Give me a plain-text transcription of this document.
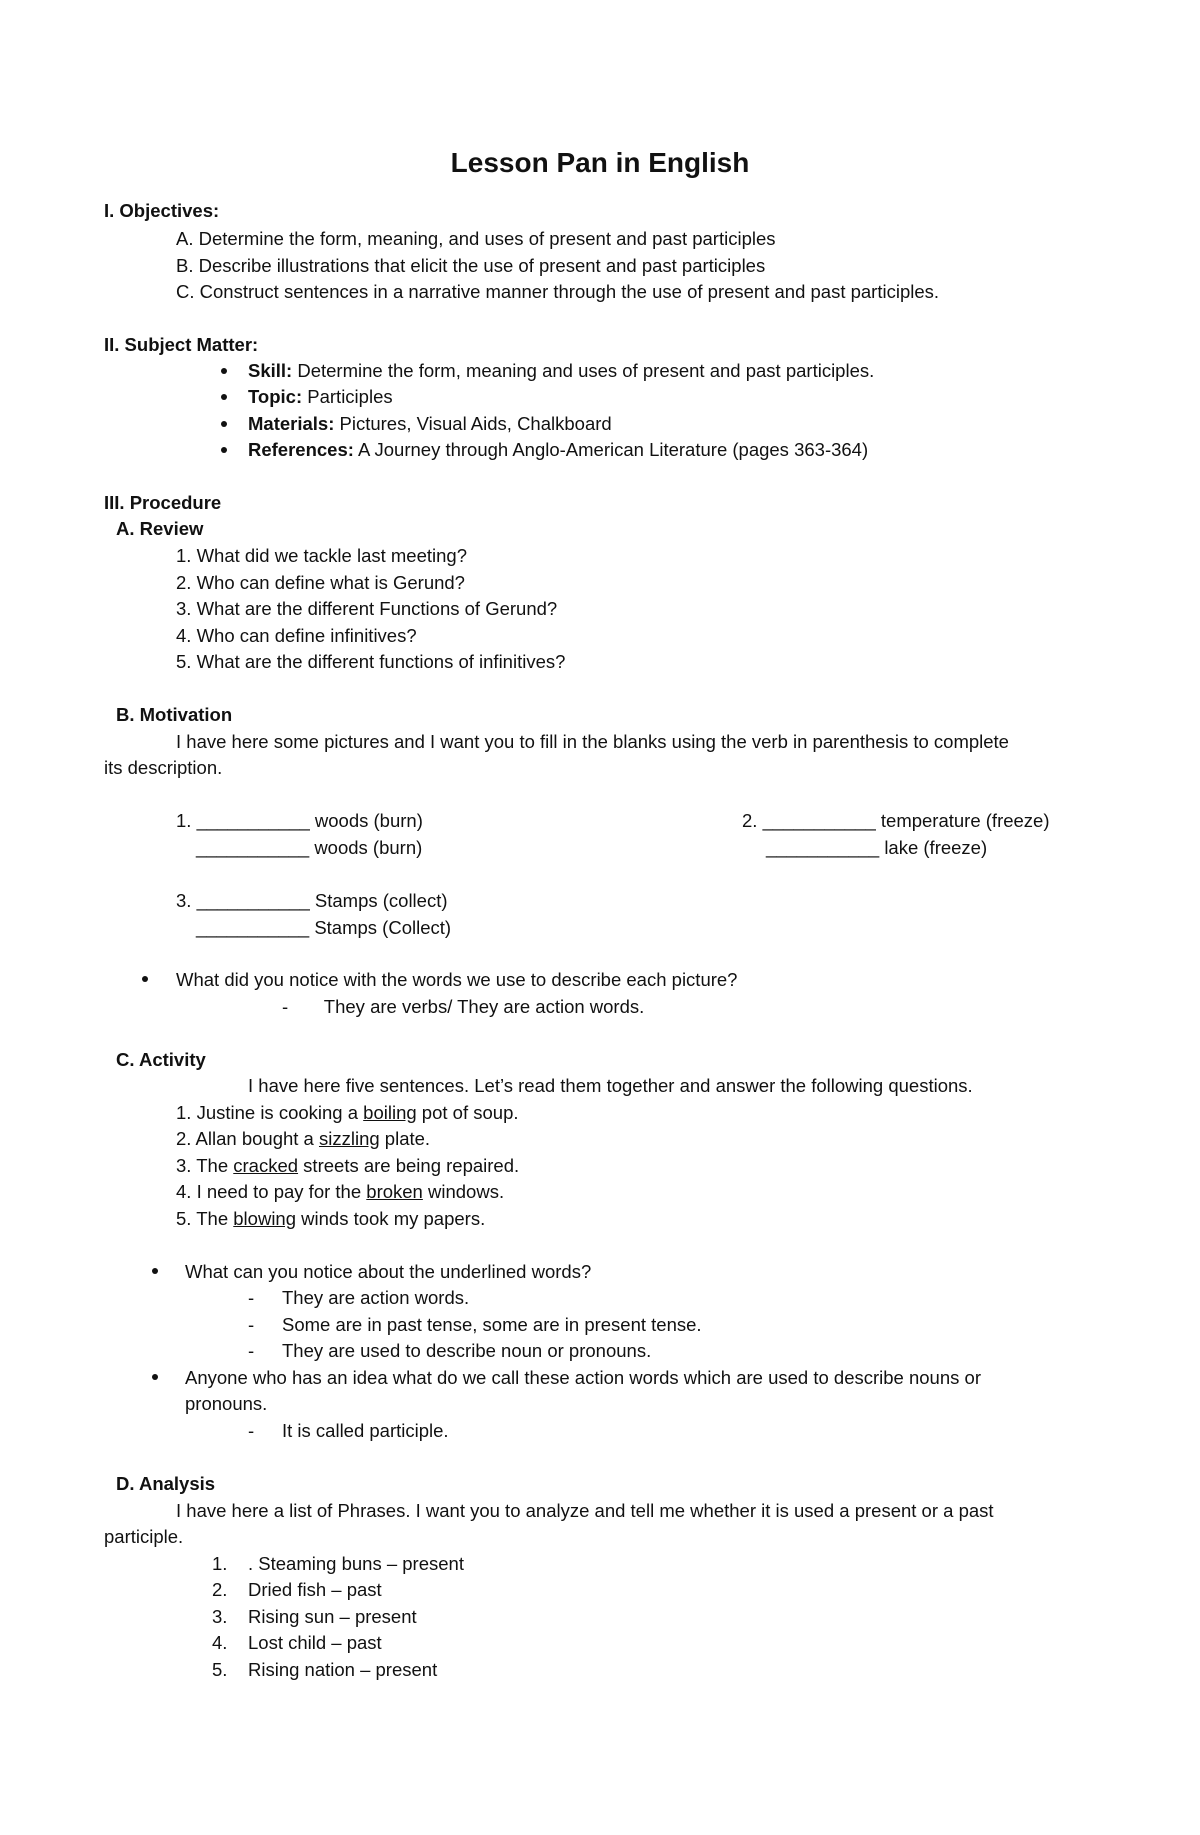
Lesson Pan in English
I. Objectives:
A. Determine the form, meaning, and uses of present and past participles
B. Describe illustrations that elicit the use of present and past participles
C. Construct sentences in a narrative manner through the use of present and past participles.
II. Subject Matter:
Skill: Determine the form, meaning and uses of present and past participles.
Topic: Participles
Materials: Pictures, Visual Aids, Chalkboard
References: A Journey through Anglo-American Literature (pages 363-364)
III. Procedure
A. Review
1. What did we tackle last meeting?
2. Who can define what is Gerund?
3. What are the different Functions of Gerund?
4. Who can define infinitives?
5. What are the different functions of infinitives?
B. Motivation
I have here some pictures and I want you to fill in the blanks using the verb in parenthesis to complete
its description.
1. ___________ woods (burn)
___________ woods (burn)
2. ___________ temperature (freeze)
___________ lake (freeze)
3. ___________ Stamps (collect)
___________ Stamps (Collect)
What did you notice with the words we use to describe each picture?
-       They are verbs/ They are action words.
C. Activity
I have here five sentences. Let’s read them together and answer the following questions.
1. Justine is cooking a boiling pot of soup.
2. Allan bought a sizzling plate.
3. The cracked streets are being repaired.
4. I need to pay for the broken windows.
5. The blowing winds took my papers.
What can you notice about the underlined words?
- They are action words.
- Some are in past tense, some are in present tense.
- They are used to describe noun or pronouns.
Anyone who has an idea what do we call these action words which are used to describe nouns or
pronouns.
- It is called participle.
D. Analysis
I have here a list of Phrases. I want you to analyze and tell me whether it is used a present or a past
participle.
1. . Steaming buns – present
2. Dried fish – past
3. Rising sun – present
4. Lost child – past
5. Rising nation – present
